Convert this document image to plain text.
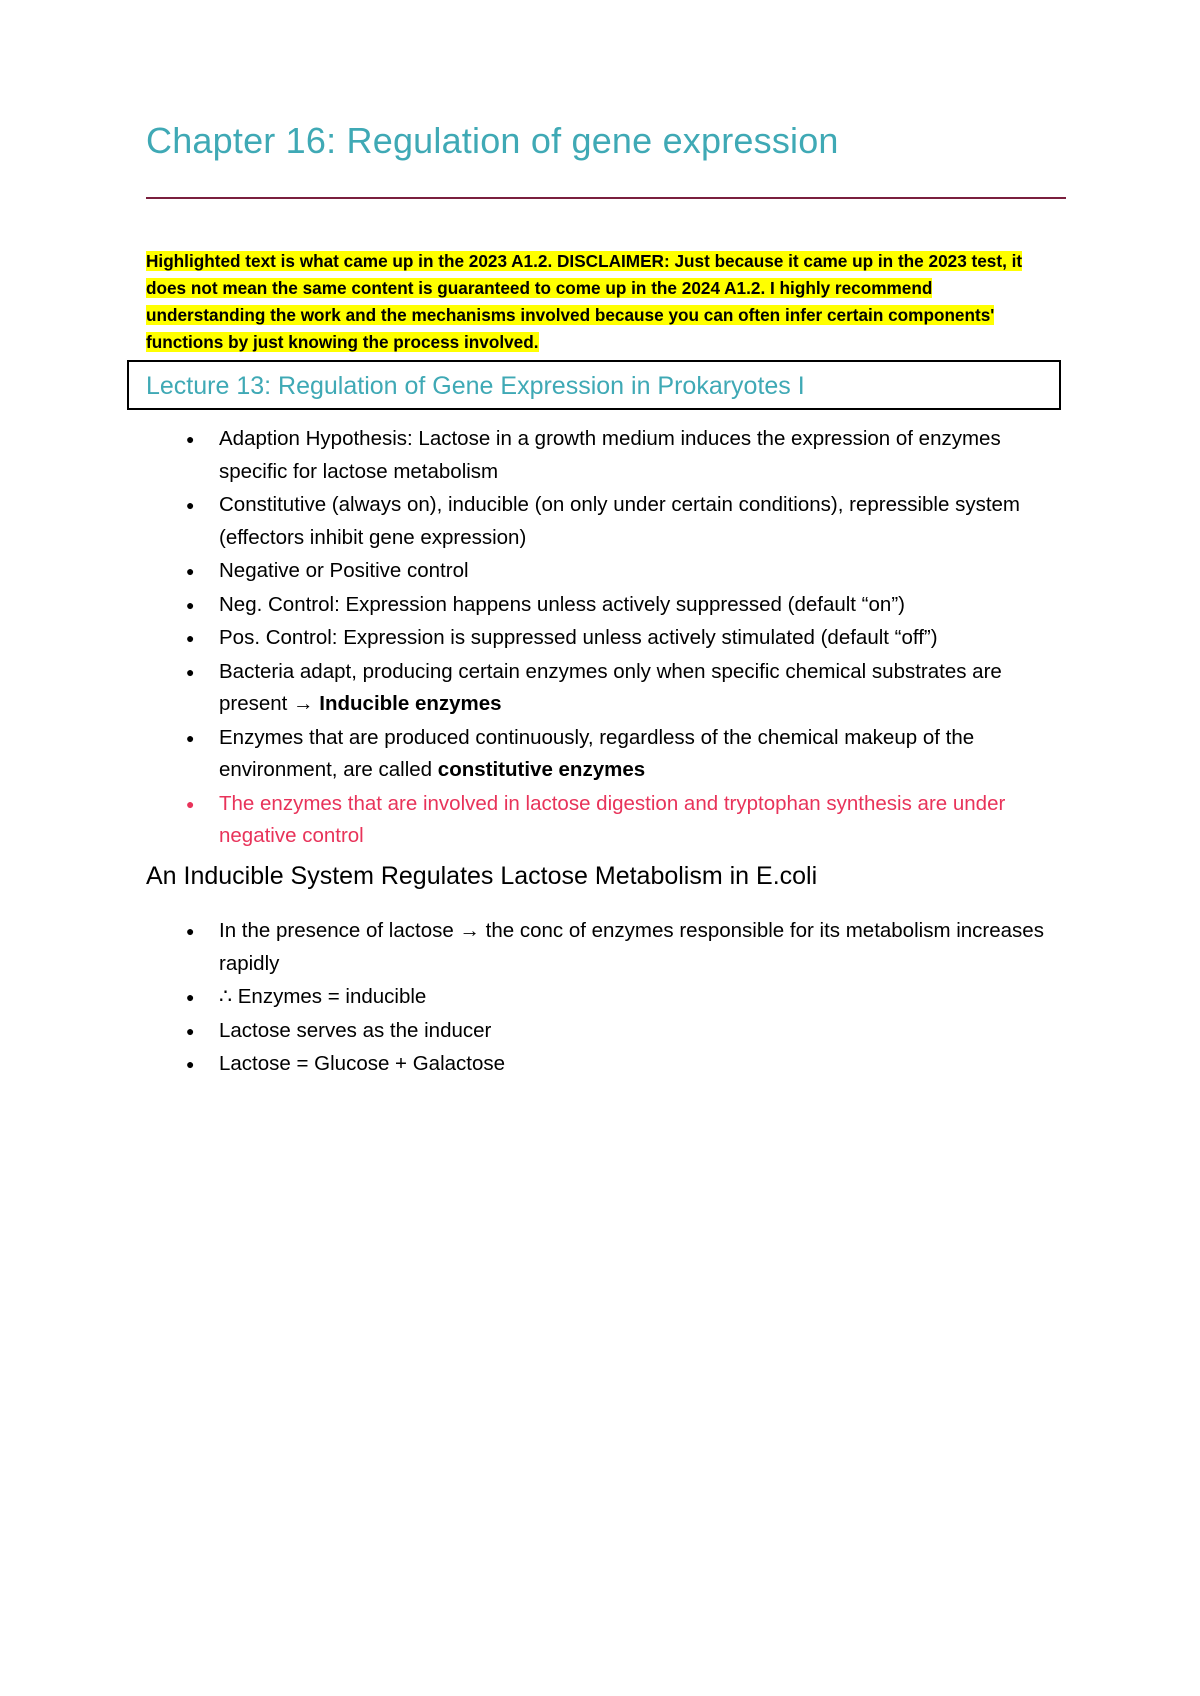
Chapter 16: Regulation of gene expression
Highlighted text is what came up in the 2023 A1.2. DISCLAIMER: Just because it came up in the 2023 test, it does not mean the same content is guaranteed to come up in the 2024 A1.2. I highly recommend understanding the work and the mechanisms involved because you can often infer certain components' functions by just knowing the process involved.
Lecture 13: Regulation of Gene Expression in Prokaryotes I
● Adaption Hypothesis: Lactose in a growth medium induces the expression of enzymes specific for lactose metabolism
● Constitutive (always on), inducible (on only under certain conditions), repressible system (effectors inhibit gene expression)
● Negative or Positive control
● Neg. Control: Expression happens unless actively suppressed (default “on”)
● Pos. Control: Expression is suppressed unless actively stimulated (default “off”)
● Bacteria adapt, producing certain enzymes only when specific chemical substrates are present → Inducible enzymes
● Enzymes that are produced continuously, regardless of the chemical makeup of the environment, are called constitutive enzymes
● The enzymes that are involved in lactose digestion and tryptophan synthesis are under negative control
An Inducible System Regulates Lactose Metabolism in E.coli
● In the presence of lactose → the conc of enzymes responsible for its metabolism increases rapidly
● ∴ Enzymes = inducible
● Lactose serves as the inducer
● Lactose = Glucose + Galactose
